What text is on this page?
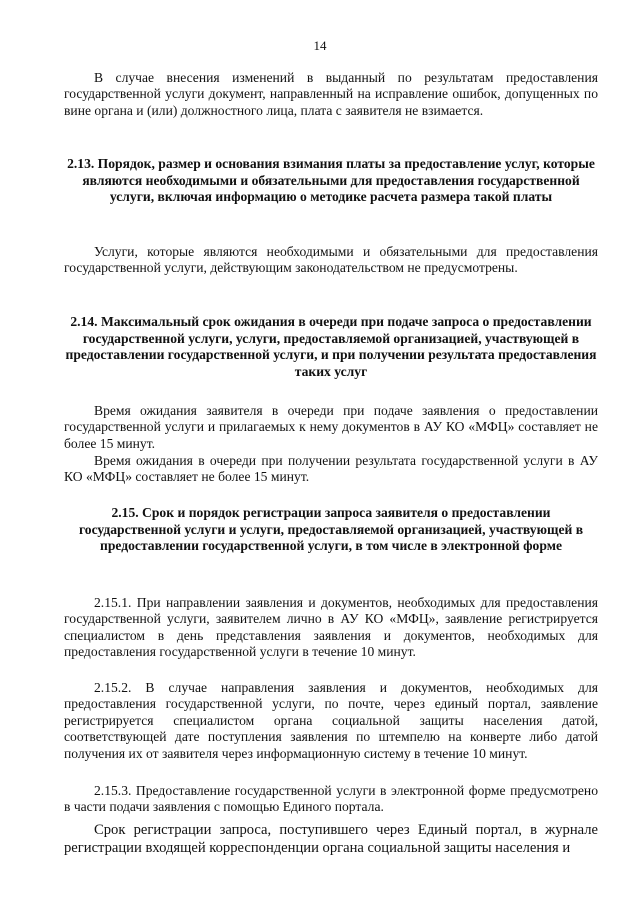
14

В случае внесения изменений в выданный по результатам предоставления государственной услуги документ, направленный на исправление ошибок, допущенных по вине органа и (или) должностного лица, плата с заявителя не взимается.

2.13. Порядок, размер и основания взимания платы за предоставление услуг, которые являются необходимыми и обязательными для предоставления государственной услуги, включая информацию о методике расчета размера такой платы

Услуги, которые являются необходимыми и обязательными для предоставления государственной услуги, действующим законодательством не предусмотрены.

2.14. Максимальный срок ожидания в очереди при подаче запроса о предоставлении государственной услуги, услуги, предоставляемой организацией, участвующей в предоставлении государственной услуги, и при получении результата предоставления таких услуг

Время ожидания заявителя в очереди при подаче заявления о предоставлении государственной услуги и прилагаемых к нему документов в АУ КО «МФЦ» составляет не более 15 минут.

Время ожидания в очереди при получении результата государственной услуги в АУ КО «МФЦ» составляет не более 15 минут.

2.15. Срок и порядок регистрации запроса заявителя о предоставлении государственной услуги и услуги, предоставляемой организацией, участвующей в предоставлении государственной услуги, в том числе в электронной форме

2.15.1. При направлении заявления и документов, необходимых для предоставления государственной услуги, заявителем лично в АУ КО «МФЦ», заявление регистрируется специалистом в день представления заявления и документов, необходимых для предоставления государственной услуги в течение 10 минут.

2.15.2. В случае направления заявления и документов, необходимых для предоставления государственной услуги, по почте, через единый портал, заявление регистрируется специалистом органа социальной защиты населения датой, соответствующей дате поступления заявления по штемпелю на конверте либо датой получения их от заявителя через информационную систему в течение 10 минут.

2.15.3. Предоставление государственной услуги в электронной форме предусмотрено в части подачи заявления с помощью Единого портала.

Срок регистрации запроса, поступившего через Единый портал, в журнале регистрации входящей корреспонденции органа социальной защиты населения и
